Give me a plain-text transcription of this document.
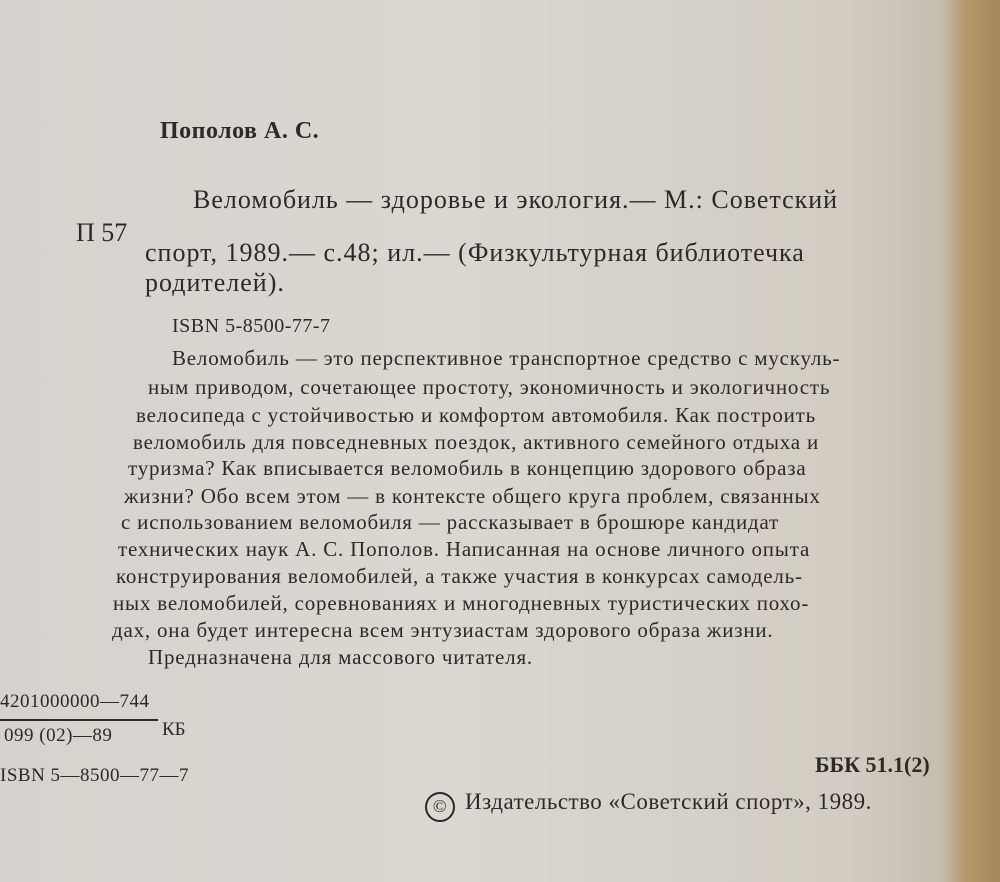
Пополов А. С.
П 57
Веломобиль — здоровье и экология.— М.: Советский
спорт, 1989.— с.48; ил.— (Физкультурная библиотечка
родителей).
ISBN 5-8500-77-7
Веломобиль — это перспективное транспортное средство с мускуль-
ным приводом, сочетающее простоту, экономичность и экологичность
велосипеда с устойчивостью и комфортом автомобиля. Как построить
веломобиль для повседневных поездок, активного семейного отдыха и
туризма? Как вписывается веломобиль в концепцию здорового образа
жизни? Обо всем этом — в контексте общего круга проблем, связанных
с использованием веломобиля — рассказывает в брошюре кандидат
технических наук А. С. Пополов. Написанная на основе личного опыта
конструирования веломобилей, а также участия в конкурсах самодель-
ных веломобилей, соревнованиях и многодневных туристических похо-
дах, она будет интересна всем энтузиастам здорового образа жизни.
Предназначена для массового читателя.
4201000000—744
099 (02)—89	КБ
ISBN 5—8500—77—7	ББК 51.1(2)
© Издательство «Советский спорт», 1989.
